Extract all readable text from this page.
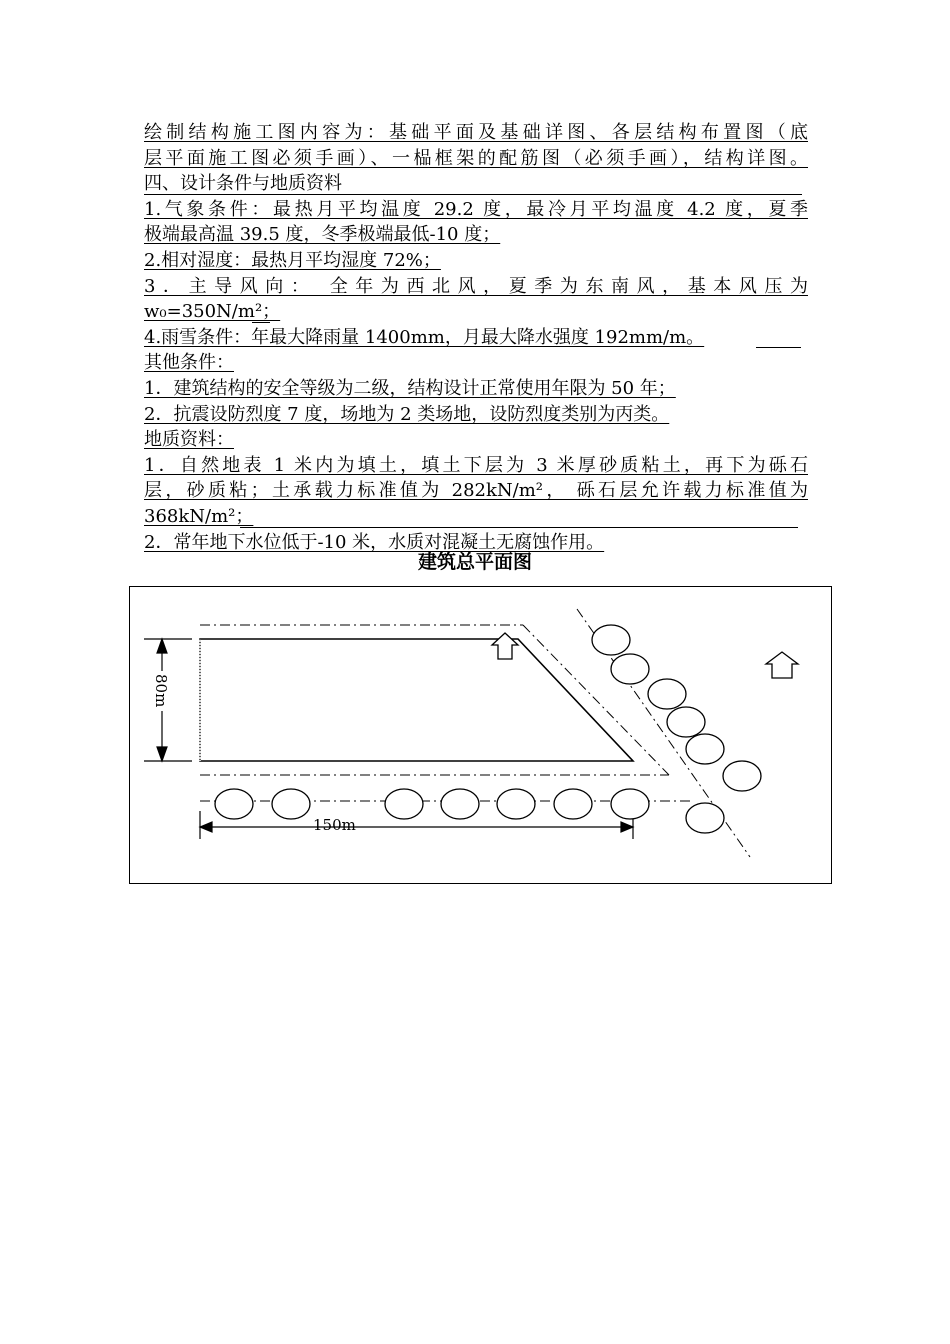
绘制结构施工图内容为：基础平面及基础详图、各层结构布置图（底
层平面施工图必须手画）、一榀框架的配筋图（必须手画），结构详图。
四、设计条件与地质资料
1.气象条件：最热月平均温度 29.2 度，最冷月平均温度 4.2 度，夏季
极端最高温 39.5 度，冬季极端最低-10 度；
2.相对湿度：最热月平均湿度 72%；
3．主导风向： 全年为西北风，夏季为东南风，基本风压为
w₀=350N/m²；
4.雨雪条件：年最大降雨量 1400mm，月最大降水强度 192mm/m。
其他条件：
1．建筑结构的安全等级为二级，结构设计正常使用年限为 50 年；
2．抗震设防烈度 7 度，场地为 2 类场地，设防烈度类别为丙类。
地质资料：
1．自然地表 1 米内为填土，填土下层为 3 米厚砂质粘土，再下为砾石
层，砂质粘；土承载力标准值为 282kN/m²， 砾石层允许载力标准值为
368kN/m²；
2．常年地下水位低于-10 米，水质对混凝土无腐蚀作用。
建筑总平面图
80m
150m
